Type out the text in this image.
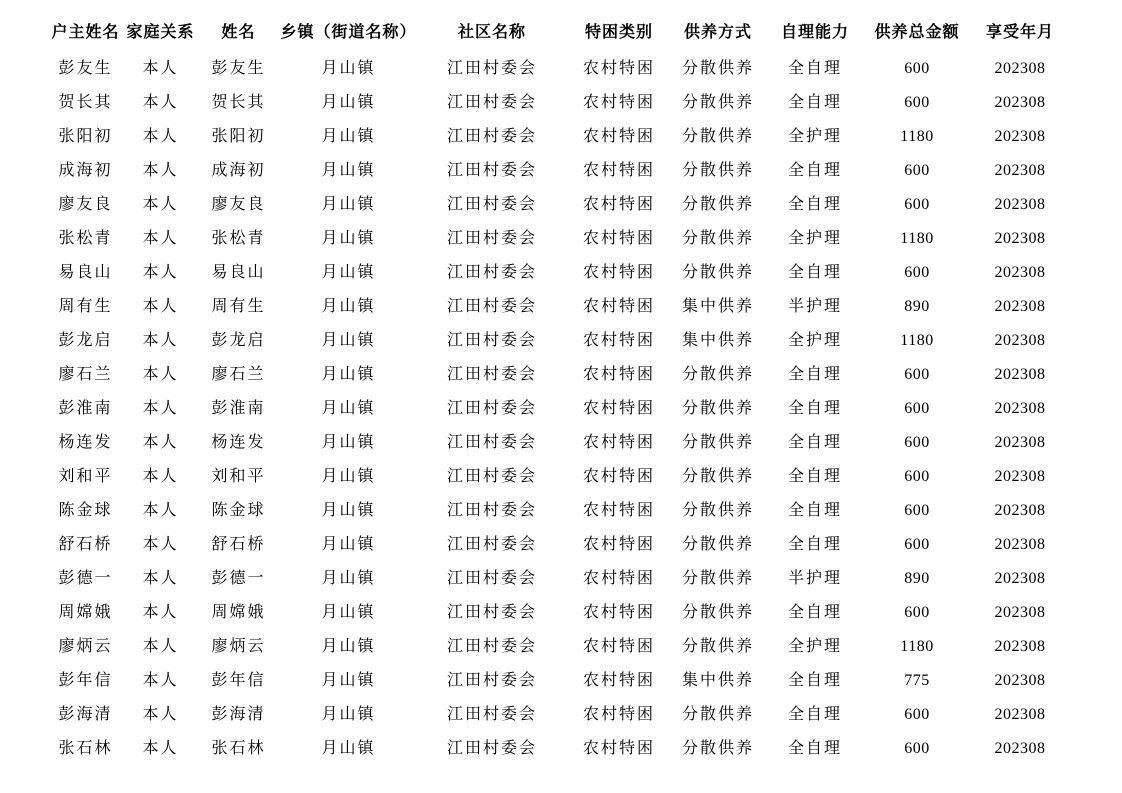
户主姓名	家庭关系	姓名	乡镇（街道名称）	社区名称	特困类别	供养方式	自理能力	供养总金额	享受年月
彭友生	本人	彭友生	月山镇	江田村委会	农村特困	分散供养	全自理	600	202308
贺长其	本人	贺长其	月山镇	江田村委会	农村特困	分散供养	全自理	600	202308
张阳初	本人	张阳初	月山镇	江田村委会	农村特困	分散供养	全护理	1180	202308
成海初	本人	成海初	月山镇	江田村委会	农村特困	分散供养	全自理	600	202308
廖友良	本人	廖友良	月山镇	江田村委会	农村特困	分散供养	全自理	600	202308
张松青	本人	张松青	月山镇	江田村委会	农村特困	分散供养	全护理	1180	202308
易良山	本人	易良山	月山镇	江田村委会	农村特困	分散供养	全自理	600	202308
周有生	本人	周有生	月山镇	江田村委会	农村特困	集中供养	半护理	890	202308
彭龙启	本人	彭龙启	月山镇	江田村委会	农村特困	集中供养	全护理	1180	202308
廖石兰	本人	廖石兰	月山镇	江田村委会	农村特困	分散供养	全自理	600	202308
彭淮南	本人	彭淮南	月山镇	江田村委会	农村特困	分散供养	全自理	600	202308
杨连发	本人	杨连发	月山镇	江田村委会	农村特困	分散供养	全自理	600	202308
刘和平	本人	刘和平	月山镇	江田村委会	农村特困	分散供养	全自理	600	202308
陈金球	本人	陈金球	月山镇	江田村委会	农村特困	分散供养	全自理	600	202308
舒石桥	本人	舒石桥	月山镇	江田村委会	农村特困	分散供养	全自理	600	202308
彭德一	本人	彭德一	月山镇	江田村委会	农村特困	分散供养	半护理	890	202308
周嫦娥	本人	周嫦娥	月山镇	江田村委会	农村特困	分散供养	全自理	600	202308
廖炳云	本人	廖炳云	月山镇	江田村委会	农村特困	分散供养	全护理	1180	202308
彭年信	本人	彭年信	月山镇	江田村委会	农村特困	集中供养	全自理	775	202308
彭海清	本人	彭海清	月山镇	江田村委会	农村特困	分散供养	全自理	600	202308
张石林	本人	张石林	月山镇	江田村委会	农村特困	分散供养	全自理	600	202308
